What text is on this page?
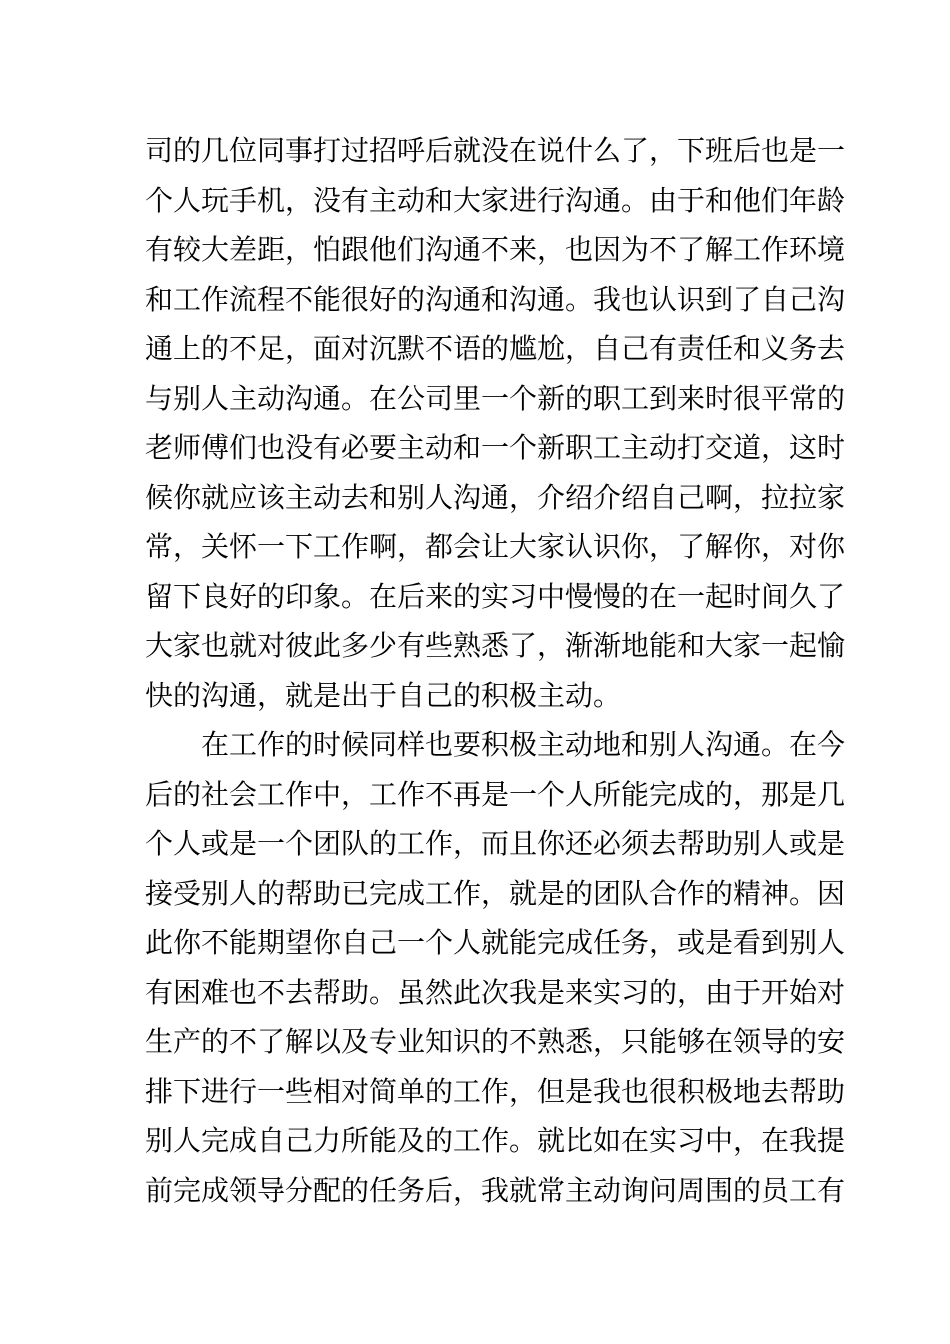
司的几位同事打过招呼后就没在说什么了，下班后也是一
个人玩手机，没有主动和大家进行沟通。由于和他们年龄
有较大差距，怕跟他们沟通不来，也因为不了解工作环境
和工作流程不能很好的沟通和沟通。我也认识到了自己沟
通上的不足，面对沉默不语的尴尬，自己有责任和义务去
与别人主动沟通。在公司里一个新的职工到来时很平常的
老师傅们也没有必要主动和一个新职工主动打交道，这时
候你就应该主动去和别人沟通，介绍介绍自己啊，拉拉家
常，关怀一下工作啊，都会让大家认识你，了解你，对你
留下良好的印象。在后来的实习中慢慢的在一起时间久了
大家也就对彼此多少有些熟悉了，渐渐地能和大家一起愉
快的沟通，就是出于自己的积极主动。
在工作的时候同样也要积极主动地和别人沟通。在今
后的社会工作中，工作不再是一个人所能完成的，那是几
个人或是一个团队的工作，而且你还必须去帮助别人或是
接受别人的帮助已完成工作，就是的团队合作的精神。因
此你不能期望你自己一个人就能完成任务，或是看到别人
有困难也不去帮助。虽然此次我是来实习的，由于开始对
生产的不了解以及专业知识的不熟悉，只能够在领导的安
排下进行一些相对简单的工作，但是我也很积极地去帮助
别人完成自己力所能及的工作。就比如在实习中，在我提
前完成领导分配的任务后，我就常主动询问周围的员工有
